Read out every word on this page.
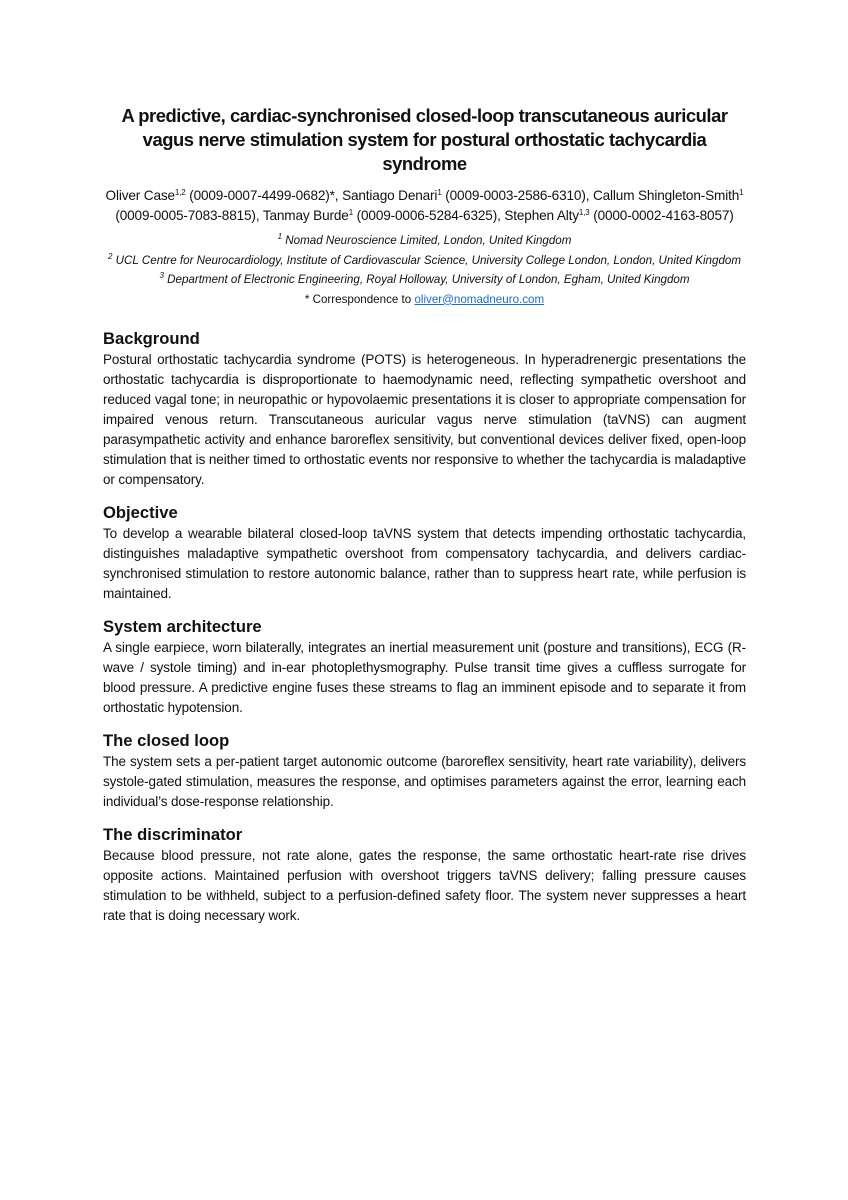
A predictive, cardiac-synchronised closed-loop transcutaneous auricular vagus nerve stimulation system for postural orthostatic tachycardia syndrome

Oliver Case$^{1,2}$ (0009-0007-4499-0682)*, Santiago Denari$^1$ (0009-0003-2586-6310), Callum Shingleton-Smith$^1$ (0009-0005-7083-8815), Tanmay Burde$^1$ (0009-0006-5284-6325), Stephen Alty$^{1,3}$ (0000-0002-4163-8057)

$^1$ Nomad Neuroscience Limited, London, United Kingdom

$^2$ UCL Centre for Neurocardiology, Institute of Cardiovascular Science, University College London, London, United Kingdom

$^3$ Department of Electronic Engineering, Royal Holloway, University of London, Egham, United Kingdom

* Correspondence to oliver@nomadneuro.com

Background

Postural orthostatic tachycardia syndrome (POTS) is heterogeneous. In hyperadrenergic presentations the orthostatic tachycardia is disproportionate to haemodynamic need, reflecting sympathetic overshoot and reduced vagal tone; in neuropathic or hypovolaemic presentations it is closer to appropriate compensation for impaired venous return. Transcutaneous auricular vagus nerve stimulation (taVNS) can augment parasympathetic activity and enhance baroreflex sensitivity, but conventional devices deliver fixed, open-loop stimulation that is neither timed to orthostatic events nor responsive to whether the tachycardia is maladaptive or compensatory.

Objective

To develop a wearable bilateral closed-loop taVNS system that detects impending orthostatic tachycardia, distinguishes maladaptive sympathetic overshoot from compensatory tachycardia, and delivers cardiac-synchronised stimulation to restore autonomic balance, rather than to suppress heart rate, while perfusion is maintained.

System architecture

A single earpiece, worn bilaterally, integrates an inertial measurement unit (posture and transitions), ECG (R-wave / systole timing) and in-ear photoplethysmography. Pulse transit time gives a cuffless surrogate for blood pressure. A predictive engine fuses these streams to flag an imminent episode and to separate it from orthostatic hypotension.

The closed loop

The system sets a per-patient target autonomic outcome (baroreflex sensitivity, heart rate variability), delivers systole-gated stimulation, measures the response, and optimises parameters against the error, learning each individual’s dose-response relationship.

The discriminator

Because blood pressure, not rate alone, gates the response, the same orthostatic heart-rate rise drives opposite actions. Maintained perfusion with overshoot triggers taVNS delivery; falling pressure causes stimulation to be withheld, subject to a perfusion-defined safety floor. The system never suppresses a heart rate that is doing necessary work.
